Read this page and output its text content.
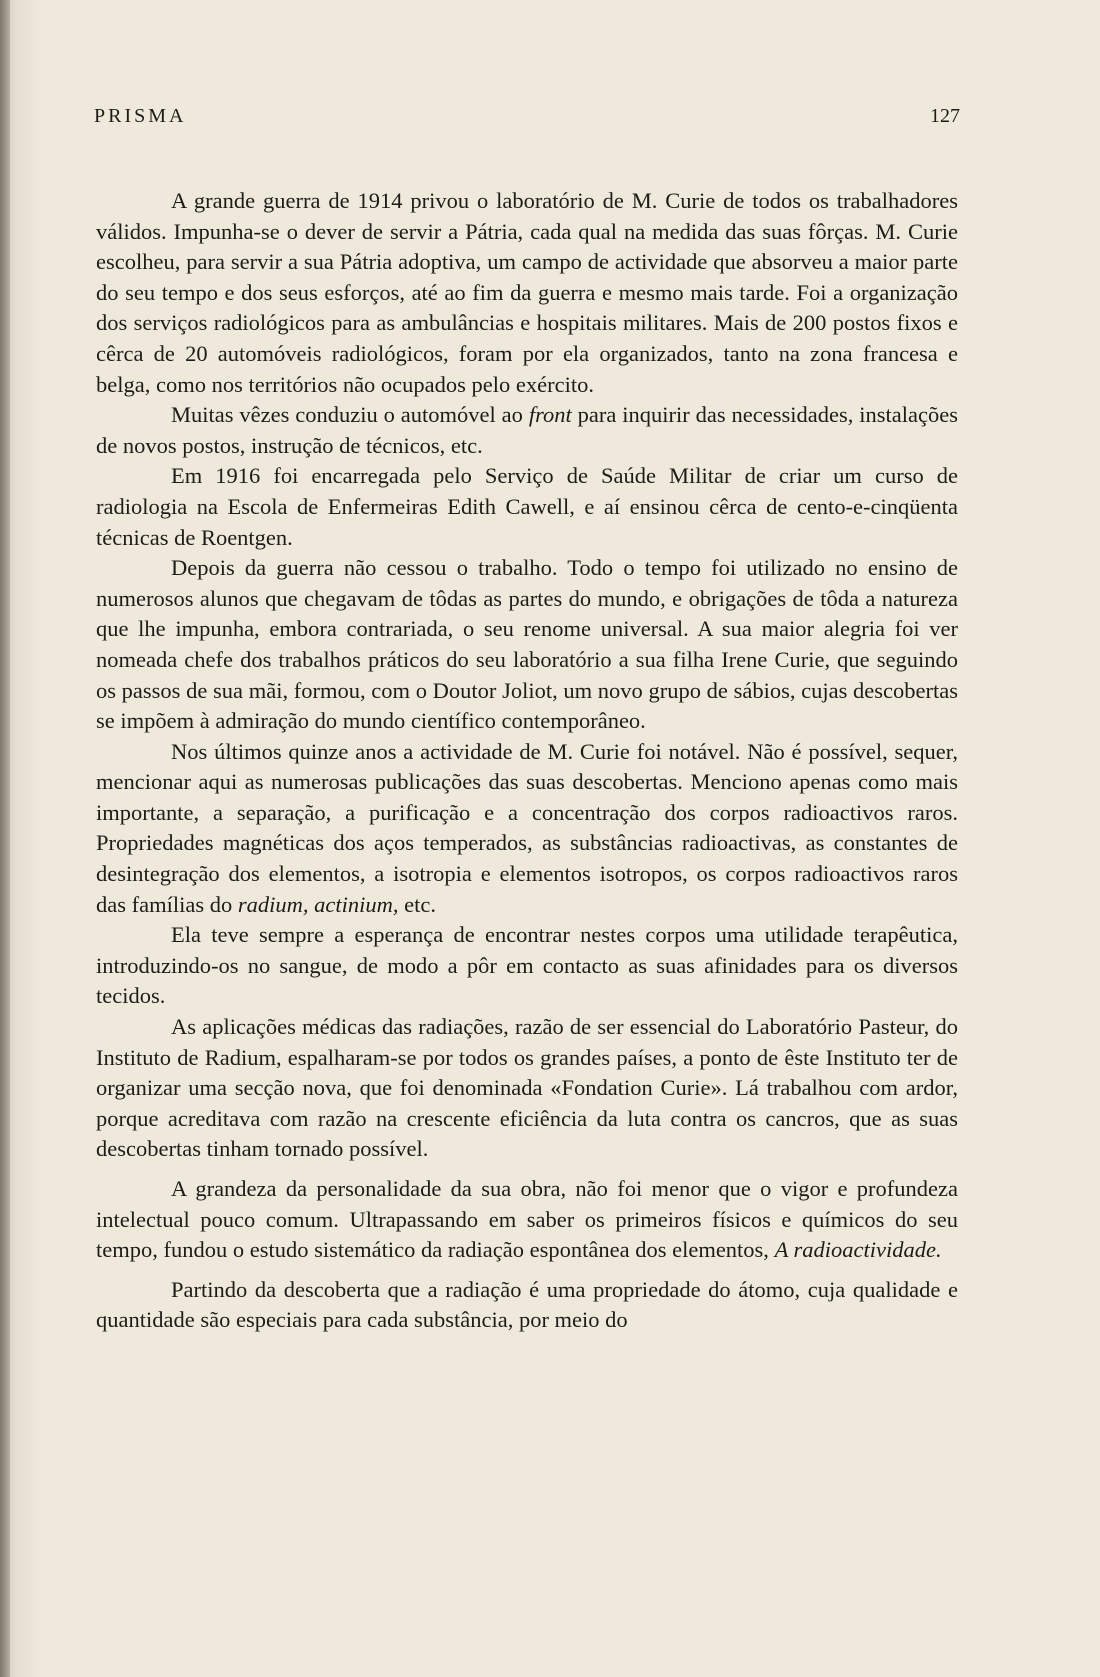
PRISMA	127

A grande guerra de 1914 privou o laboratório de M. Curie de todos os trabalhadores válidos. Impunha-se o dever de servir a Pátria, cada qual na medida das suas fôrças. M. Curie escolheu, para servir a sua Pátria adoptiva, um campo de actividade que absorveu a maior parte do seu tempo e dos seus esforços, até ao fim da guerra e mesmo mais tarde. Foi a organização dos serviços radiológicos para as ambulâncias e hospitais militares. Mais de 200 postos fixos e cêrca de 20 automóveis radiológicos, foram por ela organizados, tanto na zona francesa e belga, como nos territórios não ocupados pelo exército.

Muitas vêzes conduziu o automóvel ao front para inquirir das necessidades, instalações de novos postos, instrução de técnicos, etc.

Em 1916 foi encarregada pelo Serviço de Saúde Militar de criar um curso de radiologia na Escola de Enfermeiras Edith Cawell, e aí ensinou cêrca de cento-e-cinqüenta técnicas de Roentgen.

Depois da guerra não cessou o trabalho. Todo o tempo foi utilizado no ensino de numerosos alunos que chegavam de tôdas as partes do mundo, e obrigações de tôda a natureza que lhe impunha, embora contrariada, o seu renome universal. A sua maior alegria foi ver nomeada chefe dos trabalhos práticos do seu laboratório a sua filha Irene Curie, que seguindo os passos de sua mãi, formou, com o Doutor Joliot, um novo grupo de sábios, cujas descobertas se impõem à admiração do mundo científico contemporâneo.

Nos últimos quinze anos a actividade de M. Curie foi notável. Não é possível, sequer, mencionar aqui as numerosas publicações das suas descobertas. Menciono apenas como mais importante, a separação, a purificação e a concentração dos corpos radioactivos raros. Propriedades magnéticas dos aços temperados, as substâncias radioactivas, as constantes de desintegração dos elementos, a isotropia e elementos isotropos, os corpos radioactivos raros das famílias do radium, actinium, etc.

Ela teve sempre a esperança de encontrar nestes corpos uma utilidade terapêutica, introduzindo-os no sangue, de modo a pôr em contacto as suas afinidades para os diversos tecidos.

As aplicações médicas das radiações, razão de ser essencial do Laboratório Pasteur, do Instituto de Radium, espalharam-se por todos os grandes países, a ponto de êste Instituto ter de organizar uma secção nova, que foi denominada «Fondation Curie». Lá trabalhou com ardor, porque acreditava com razão na crescente eficiência da luta contra os cancros, que as suas descobertas tinham tornado possível.

A grandeza da personalidade da sua obra, não foi menor que o vigor e profundeza intelectual pouco comum. Ultrapassando em saber os primeiros físicos e químicos do seu tempo, fundou o estudo sistemático da radiação espontânea dos elementos, A radioactividade.

Partindo da descoberta que a radiação é uma propriedade do átomo, cuja qualidade e quantidade são especiais para cada substância, por meio do
